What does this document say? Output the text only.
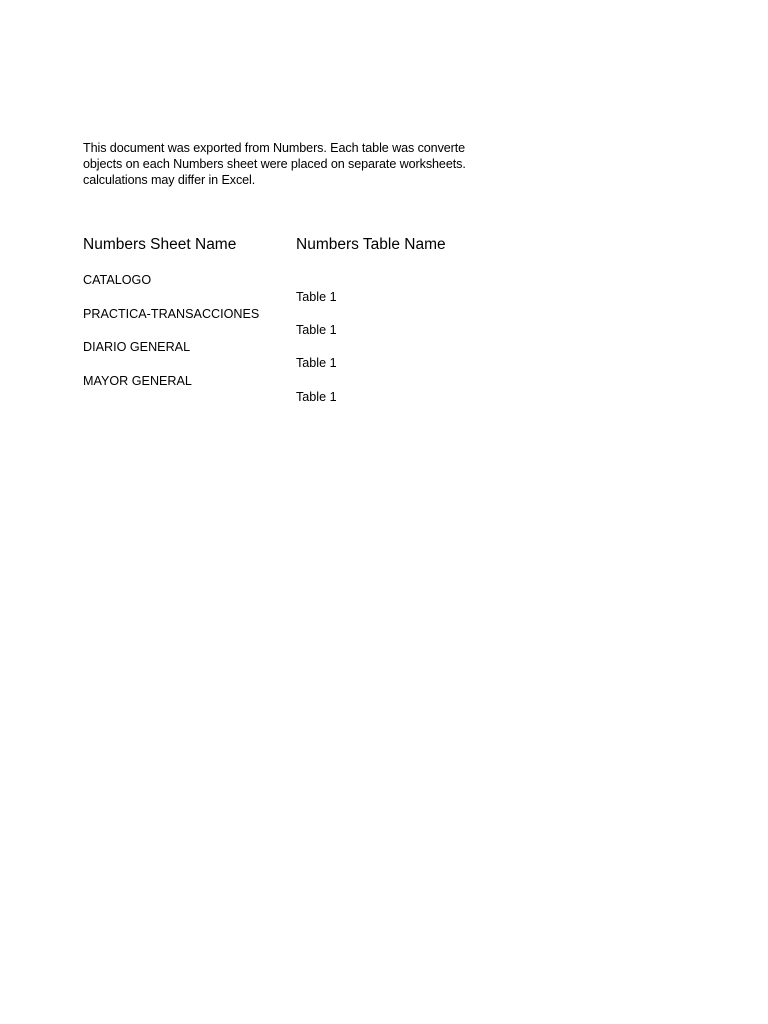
This document was exported from Numbers. Each table was converte
objects on each Numbers sheet were placed on separate worksheets.
calculations may differ in Excel.
Numbers Sheet Name	Numbers Table Name
CATALOGO
Table 1
PRACTICA-TRANSACCIONES
Table 1
DIARIO GENERAL
Table 1
MAYOR GENERAL
Table 1
